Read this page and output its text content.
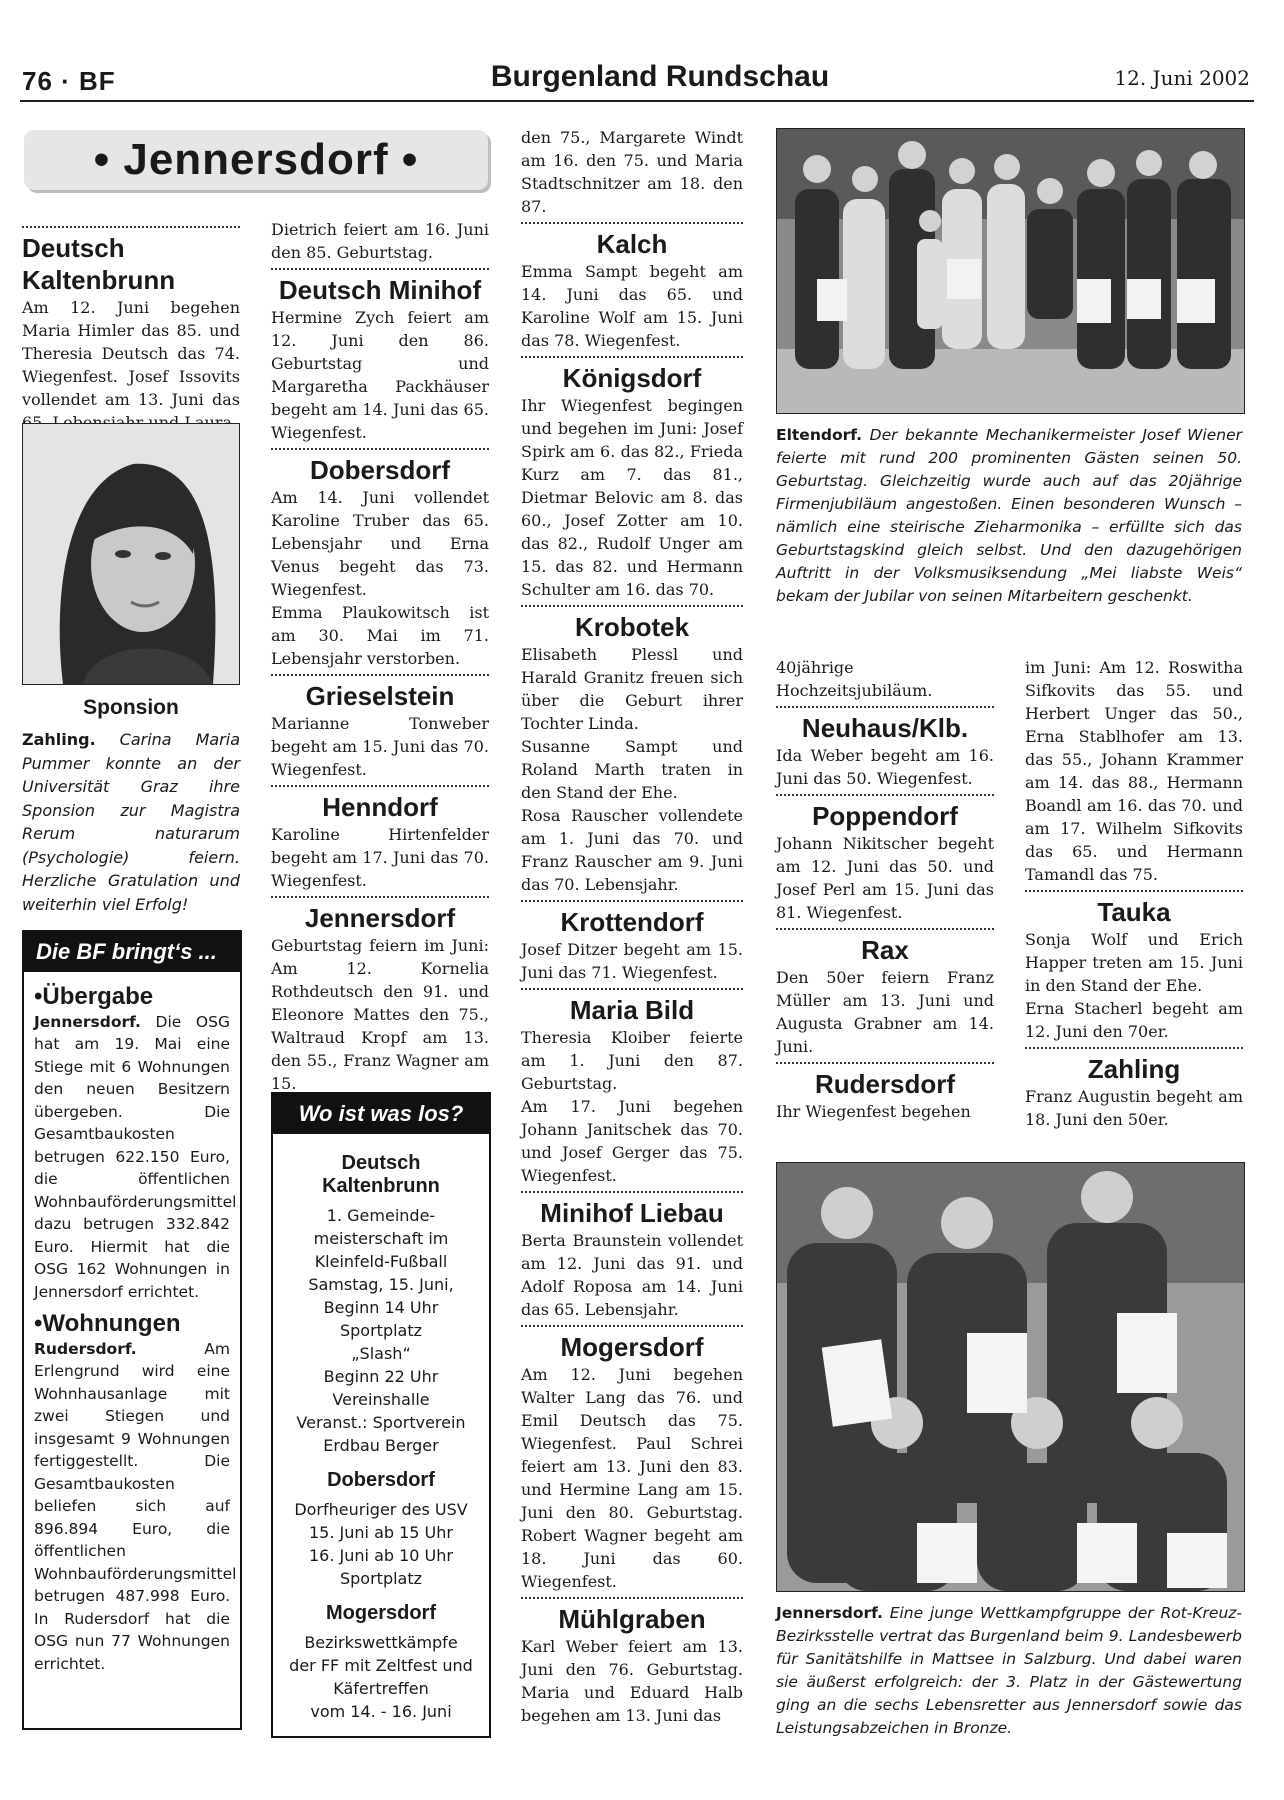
76 · BF	Burgenland Rundschau	12. Juni 2002
• Jennersdorf •

Deutsch Kaltenbrunn

Am 12. Juni begehen Maria Himler das 85. und Theresia Deutsch das 74. Wiegenfest. Josef Issovits vollendet am 13. Juni das

Sponsion

Zahling. Carina Maria Pummer konnte an der Universität Graz ihre Sponsion zur Magistra Rerum naturarum (Psychologie) feiern. Herzliche Gratulation und weiterhin viel Erfolg!

Die BF bringt‘s ...
•Übergabe

Jennersdorf. Die OSG hat am 19. Mai eine Stiege mit 6 Wohnungen den neuen Besitzern übergeben. Die Gesamtbaukosten betrugen 622.150 Euro, die öffentlichen Wohnbauförderungsmittel dazu betrugen 332.842 Euro. Hiermit hat die OSG 162 Wohnungen in Jennersdorf errichtet.

•Wohnungen

Rudersdorf.	Am Erlengrund wird eine Wohnhausanlage mit zwei Stiegen und insgesamt 9 Wohnungen fertiggestellt. Die Gesamtbaukosten beliefen sich auf 896.894 Euro, die öffentlichen Wohnbauförderungsmittel betrugen 487.998 Euro. In Rudersdorf hat die OSG nun 77 Wohnungen errichtet.

Dietrich feiert am 16. Juni den 85. Geburtstag.

Deutsch Minihof

Hermine Zych feiert am 12. Juni den 86. Geburtstag und Margaretha Packhäuser begeht am 14. Juni das 65. Wiegenfest.

Dobersdorf

Am 14. Juni vollendet Karoline Truber das 65. Lebensjahr und Erna Venus begeht das 73. Wiegenfest.

Emma Plaukowitsch ist am 30. Mai im 71. Lebensjahr verstorben.

Grieselstein

Marianne Tonweber begeht am 15. Juni das 70. Wiegenfest.

Henndorf

Karoline Hirtenfelder begeht am 17. Juni das 70. Wiegenfest.

Jennersdorf

Geburtstag feiern im Juni: Am 12. Kornelia Rothdeutsch den 91. und Eleonore Mattes den 75., Waltraud Kropf am 13. den 55., Franz Wagner am 15.

Wo ist was los?
Deutsch Kaltenbrunn

1. Gemeinde-

meisterschaft im

Kleinfeld-Fußball

Samstag, 15. Juni,

Beginn 14 Uhr

Sportplatz

„Slash“

Beginn 22 Uhr

Vereinshalle

Veranst.: Sportverein

Erdbau Berger

Dobersdorf

Dorfheuriger des USV

15. Juni ab 15 Uhr

16. Juni ab 10 Uhr

Sportplatz

Mogersdorf

Bezirkswettkämpfe

der FF mit Zeltfest und

Käfertreffen

vom 14. - 16. Juni

den 75., Margarete Windt am 16. den 75. und Maria Stadtschnitzer am 18. den 87.

Kalch

Emma Sampt begeht am 14. Juni das 65. und Karoline Wolf am 15. Juni das 78. Wiegenfest.

Königsdorf

Ihr Wiegenfest begingen und begehen im Juni: Josef Spirk am 6. das 82., Frieda Kurz am 7. das 81., Dietmar Belovic am 8. das 60., Josef Zotter am 10. das 82., Rudolf Unger am 15. das 82. und Hermann Schulter am 16. das 70.

Krobotek

Elisabeth Plessl und Harald Granitz freuen sich über die Geburt ihrer Tochter Linda.

Susanne Sampt und Roland Marth traten in den Stand der Ehe.

Rosa Rauscher vollendete am 1. Juni das 70. und Franz Rauscher am 9. Juni das 70. Lebensjahr.

Krottendorf

Josef Ditzer begeht am 15. Juni das 71. Wiegenfest.

Maria Bild

Theresia Kloiber feierte am 1. Juni den 87. Geburtstag.

Am 17. Juni begehen Johann Janitschek das 70. und Josef Gerger das 75. Wiegenfest.

Minihof Liebau

Berta Braunstein vollendet am 12. Juni das 91. und Adolf Roposa am 14. Juni das 65. Lebensjahr.

Mogersdorf

Am 12. Juni begehen Walter Lang das 76. und Emil Deutsch das 75. Wiegenfest. Paul Schrei feiert am 13. Juni den 83. und Hermine Lang am 15. Juni den 80. Geburtstag. Robert Wagner begeht am 18. Juni das 60. Wiegenfest.

Mühlgraben

Karl Weber feiert am 13. Juni den 76. Geburtstag. Maria und Eduard Halb begehen am 13. Juni das

Eltendorf. Der bekannte Mechanikermeister Josef Wiener feierte mit rund 200 prominenten Gästen seinen 50. Geburtstag. Gleichzeitig wurde auch auf das 20jährige Firmenjubiläum angestoßen. Einen besonderen Wunsch – nämlich eine steirische Zieharmonika – erfüllte sich das Geburtstagskind gleich selbst. Und den dazugehörigen Auftritt in der Volksmusiksendung „Mei liabste Weis“ bekam der Jubilar von seinen Mitarbeitern geschenkt.

40jährige Hochzeitsjubiläum.

Neuhaus/Klb.

Ida Weber begeht am 16. Juni das 50. Wiegenfest.

Poppendorf

Johann Nikitscher begeht am 12. Juni das 50. und Josef Perl am 15. Juni das 81. Wiegenfest.

Rax

Den 50er feiern Franz Müller am 13. Juni und Augusta Grabner am 14. Juni.

Rudersdorf

Ihr Wiegenfest begehen

im Juni: Am 12. Roswitha Sifkovits das 55. und Herbert Unger das 50., Erna Stablhofer am 13. das 55., Johann Krammer am 14. das 88., Hermann Boandl am 16. das 70. und am 17. Wilhelm Sifkovits das 65. und Hermann Tamandl das 75.

Tauka

Sonja Wolf und Erich Happer treten am 15. Juni in den Stand der Ehe.

Erna Stacherl begeht am 12. Juni den 70er.

Zahling

Franz Augustin begeht am 18. Juni den 50er.

Jennersdorf. Eine junge Wettkampfgruppe der Rot-Kreuz-Bezirksstelle vertrat das Burgenland beim 9. Landesbewerb für Sanitätshilfe in Mattsee in Salzburg. Und dabei waren sie äußerst erfolgreich: der 3. Platz in der Gästewertung ging an die sechs Lebensretter aus Jennersdorf sowie das Leistungsabzeichen in Bronze.
